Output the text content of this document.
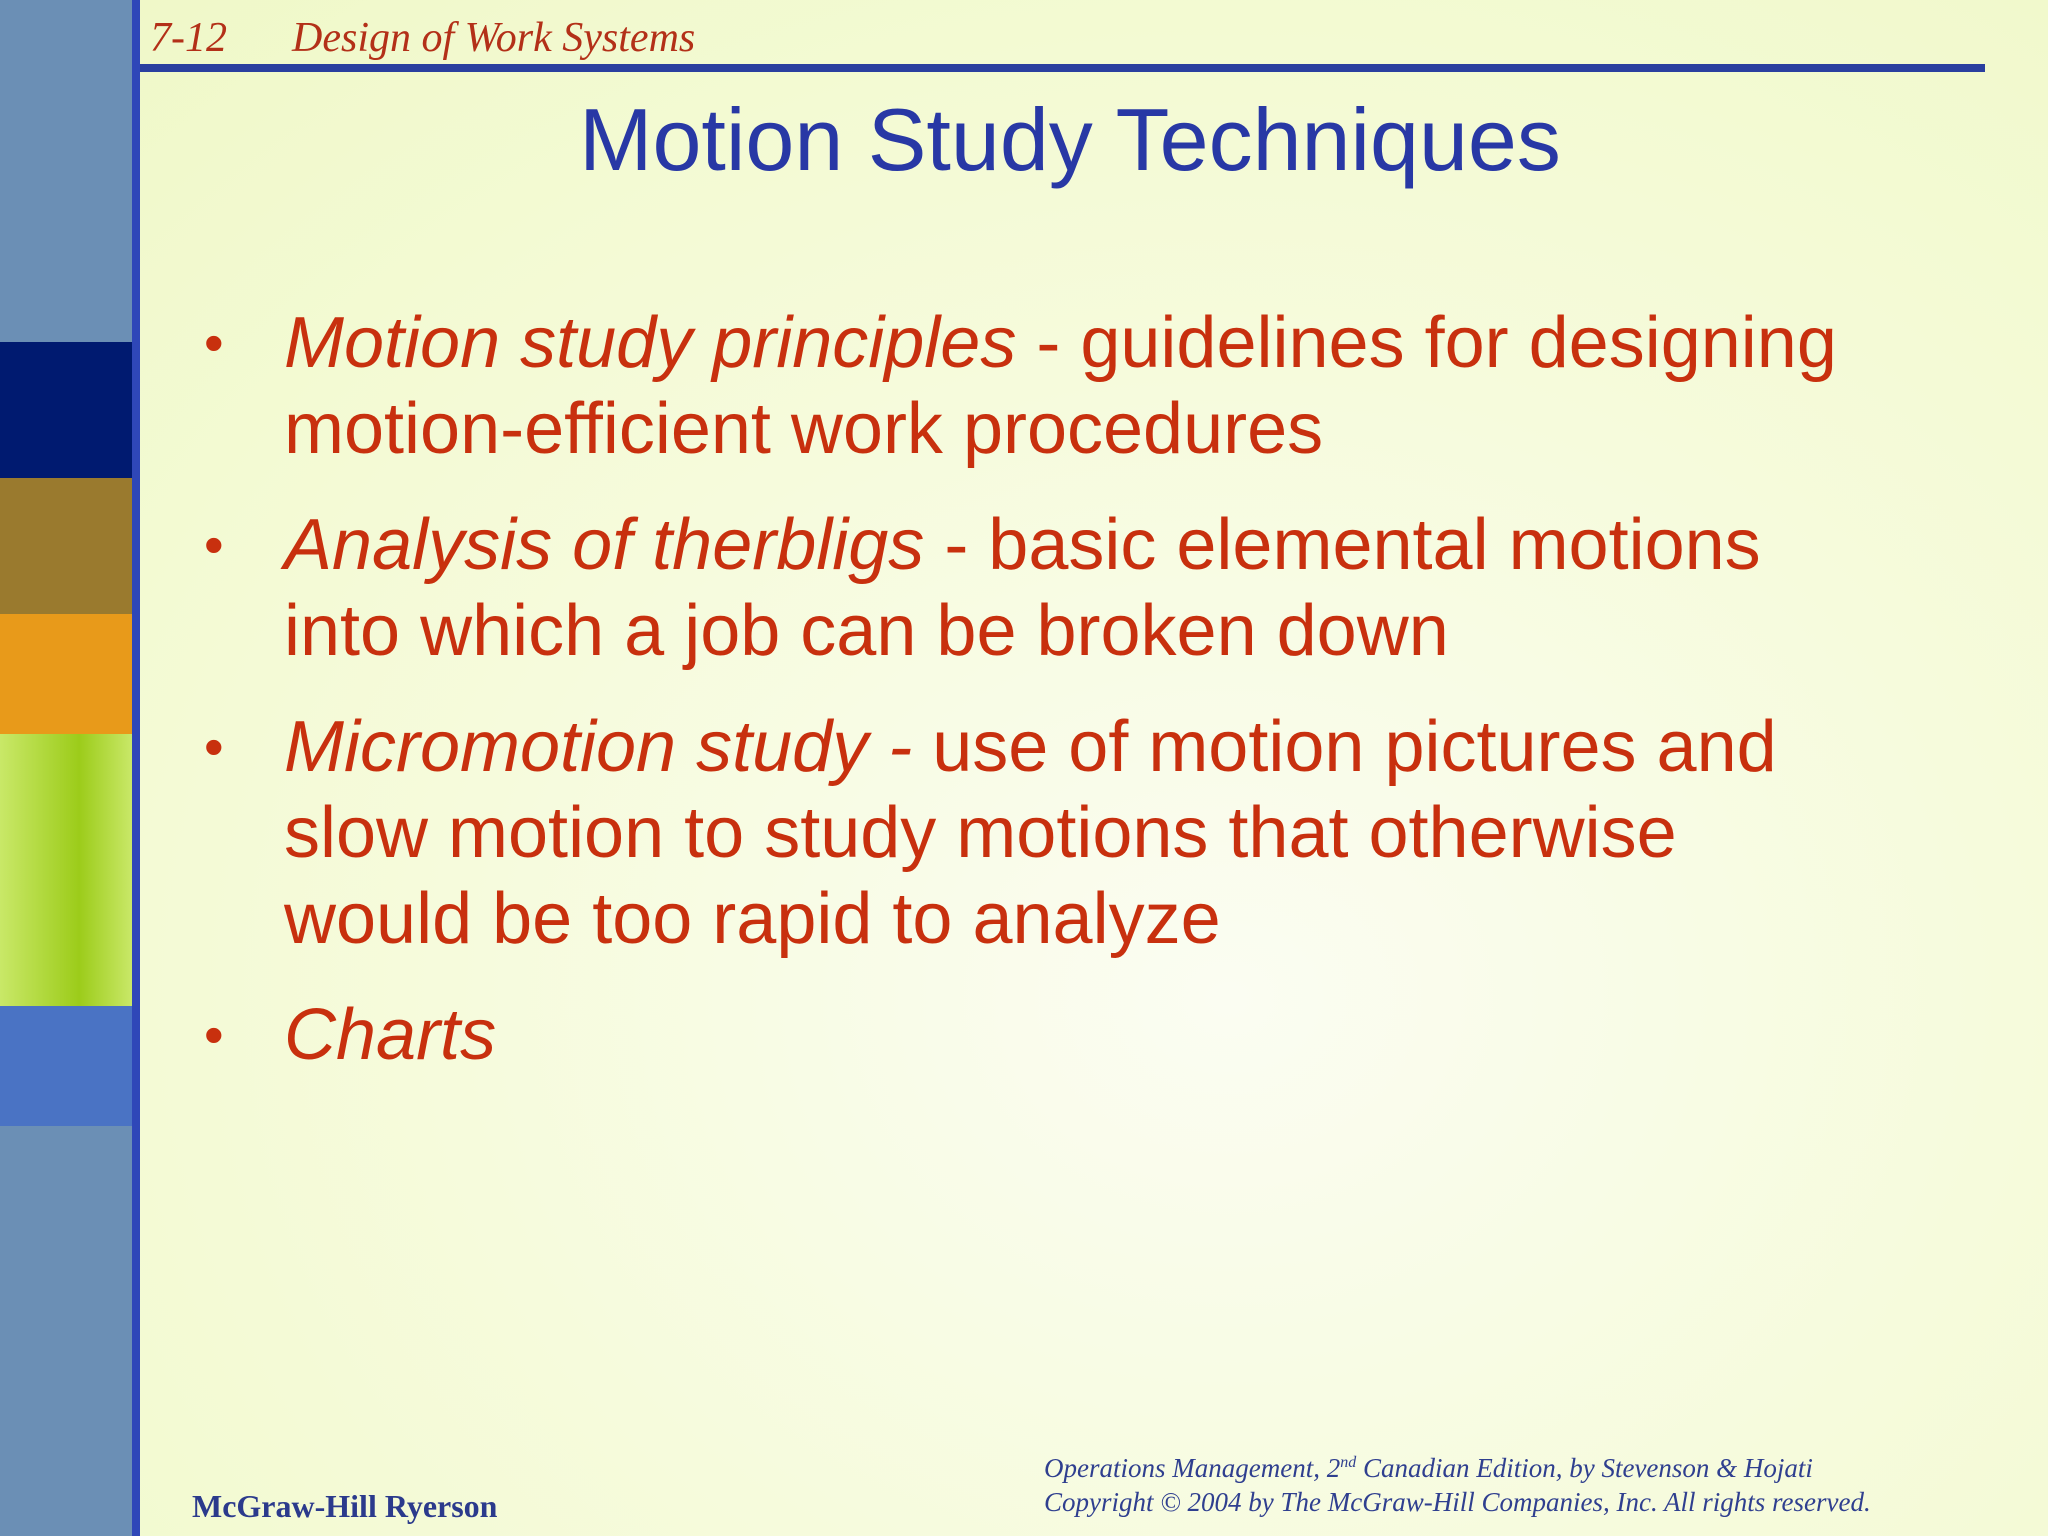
7-12 Design of Work Systems
Motion Study Techniques
• Motion study principles - guidelines for designing motion-efficient work procedures
• Analysis of therbligs - basic elemental motions into which a job can be broken down
• Micromotion study - use of motion pictures and slow motion to study motions that otherwise would be too rapid to analyze
• Charts
McGraw-Hill Ryerson
Operations Management, 2nd Canadian Edition, by Stevenson & Hojati
Copyright © 2004 by The McGraw-Hill Companies, Inc. All rights reserved.
